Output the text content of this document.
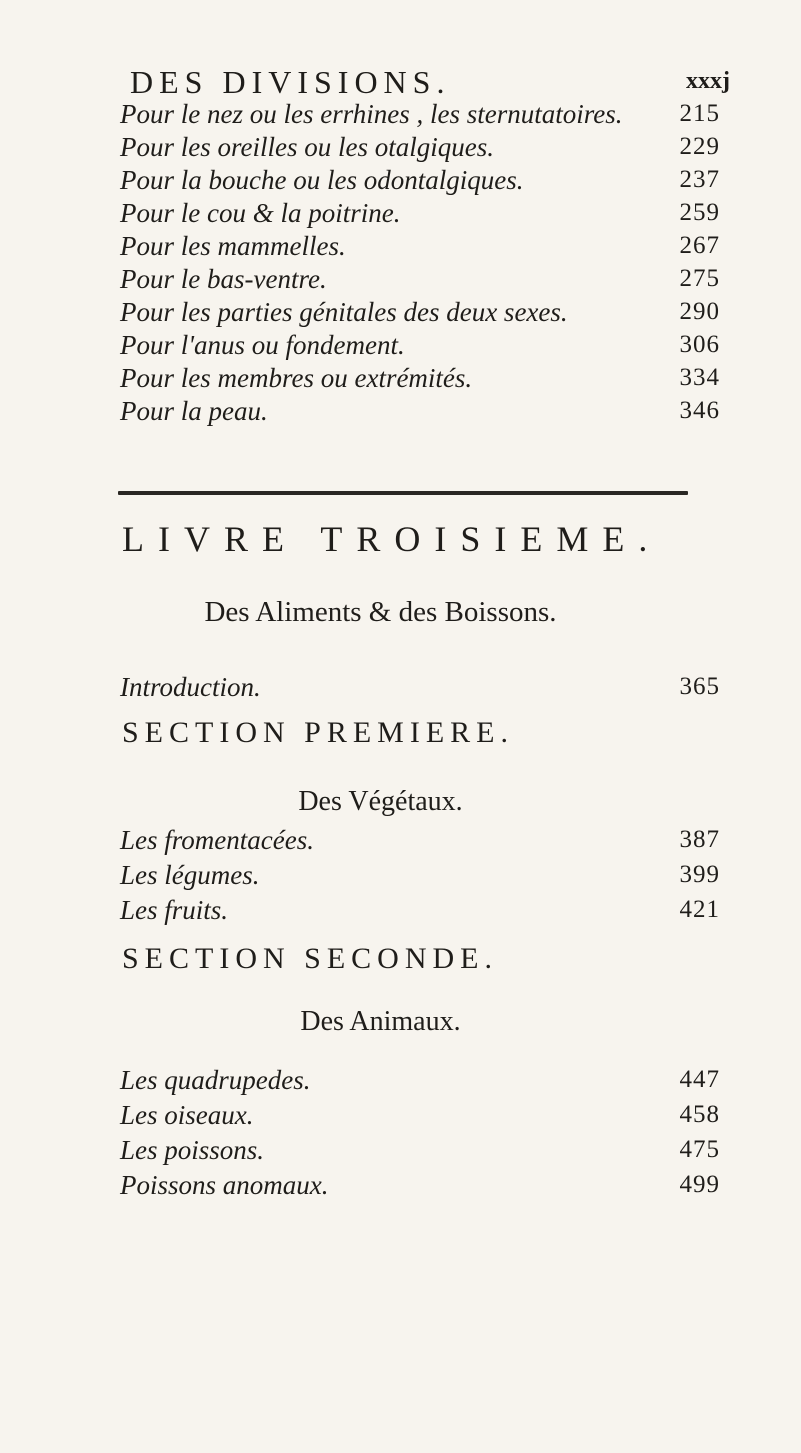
DES DIVISIONS.	xxxj
Pour le nez ou les errhines , les sternutatoires. 215
Pour les oreilles ou les otalgiques.	229
Pour la bouche ou les odontalgiques.	237
Pour le cou & la poitrine.	259
Pour les mammelles.	267
Pour le bas-ventre.	275
Pour les parties génitales des deux sexes.	290
Pour l'anus ou fondement.	306
Pour les membres ou extrémités.	334
Pour la peau.	346
LIVRE TROISIEME.
Des Aliments & des Boissons.
Introduction.	365
SECTION PREMIERE.
Des Végétaux.
Les fromentacées.	387
Les légumes.	399
Les fruits.	421
SECTION SECONDE.
Des Animaux.
Les quadrupedes.	447
Les oiseaux.	458
Les poissons.	475
Poissons anomaux.	499
